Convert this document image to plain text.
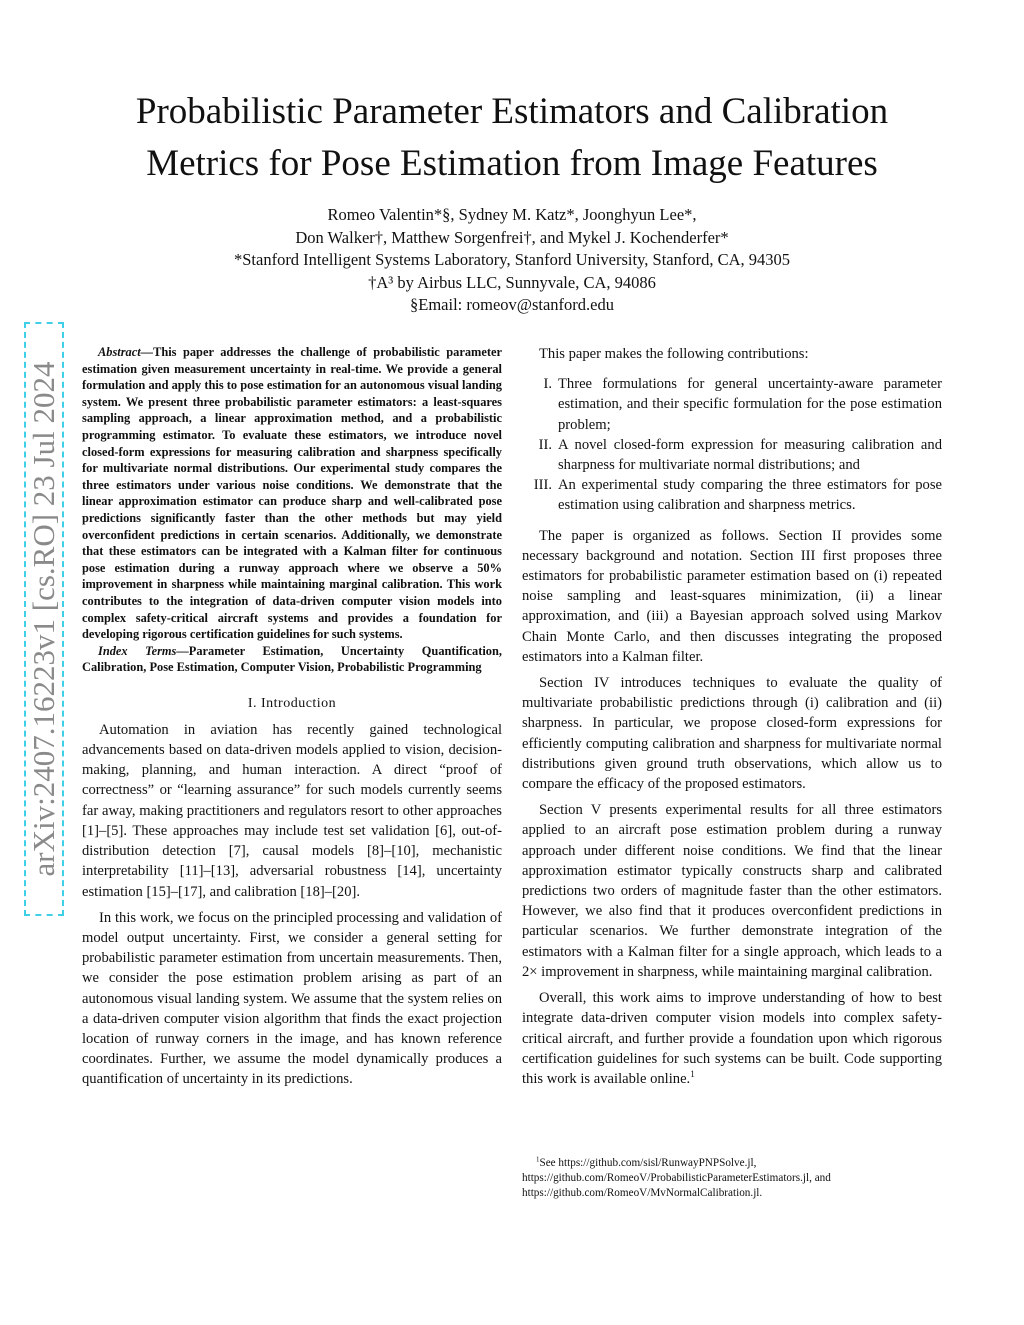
Probabilistic Parameter Estimators and Calibration
Metrics for Pose Estimation from Image Features
Romeo Valentin*§, Sydney M. Katz*, Joonghyun Lee*,
Don Walker†, Matthew Sorgenfrei†, and Mykel J. Kochenderfer*
*Stanford Intelligent Systems Laboratory, Stanford University, Stanford, CA, 94305
†A³ by Airbus LLC, Sunnyvale, CA, 94086
§Email: romeov@stanford.edu
arXiv:2407.16223v1 [cs.RO] 23 Jul 2024

Abstract—This paper addresses the challenge of probabilistic parameter estimation given measurement uncertainty in real-time. We provide a general formulation and apply this to pose estimation for an autonomous visual landing system. We present three probabilistic parameter estimators: a least-squares sampling approach, a linear approximation method, and a probabilistic programming estimator. To evaluate these estimators, we introduce novel closed-form expressions for measuring calibration and sharpness specifically for multivariate normal distributions. Our experimental study compares the three estimators under various noise conditions. We demonstrate that the linear approximation estimator can produce sharp and well-calibrated pose predictions significantly faster than the other methods but may yield overconfident predictions in certain scenarios. Additionally, we demonstrate that these estimators can be integrated with a Kalman filter for continuous pose estimation during a runway approach where we observe a 50% improvement in sharpness while maintaining marginal calibration. This work contributes to the integration of data-driven computer vision models into complex safety-critical aircraft systems and provides a foundation for developing rigorous certification guidelines for such systems.

Index Terms—Parameter Estimation, Uncertainty Quantification, Calibration, Pose Estimation, Computer Vision, Probabilistic Programming

I. Introduction

Automation in aviation has recently gained technological advancements based on data-driven models applied to vision, decision-making, planning, and human interaction. A direct “proof of correctness” or “learning assurance” for such models currently seems far away, making practitioners and regulators resort to other approaches [1]–[5]. These approaches may include test set validation [6], out-of-distribution detection [7], causal models [8]–[10], mechanistic interpretability [11]–[13], adversarial robustness [14], uncertainty estimation [15]–[17], and calibration [18]–[20].

In this work, we focus on the principled processing and validation of model output uncertainty. First, we consider a general setting for probabilistic parameter estimation from uncertain measurements. Then, we consider the pose estimation problem arising as part of an autonomous visual landing system. We assume that the system relies on a data-driven computer vision algorithm that finds the exact projection location of runway corners in the image, and has known reference coordinates. Further, we assume the model dynamically produces a quantification of uncertainty in its predictions.

This paper makes the following contributions:

I. Three formulations for general uncertainty-aware parameter estimation, and their specific formulation for the pose estimation problem;
II. A novel closed-form expression for measuring calibration and sharpness for multivariate normal distributions; and
III. An experimental study comparing the three estimators for pose estimation using calibration and sharpness metrics.

The paper is organized as follows. Section II provides some necessary background and notation. Section III first proposes three estimators for probabilistic parameter estimation based on (i) repeated noise sampling and least-squares minimization, (ii) a linear approximation, and (iii) a Bayesian approach solved using Markov Chain Monte Carlo, and then discusses integrating the proposed estimators into a Kalman filter.

Section IV introduces techniques to evaluate the quality of multivariate probabilistic predictions through (i) calibration and (ii) sharpness. In particular, we propose closed-form expressions for efficiently computing calibration and sharpness for multivariate normal distributions given ground truth observations, which allow us to compare the efficacy of the proposed estimators.

Section V presents experimental results for all three estimators applied to an aircraft pose estimation problem during a runway approach under different noise conditions. We find that the linear approximation estimator typically constructs sharp and calibrated predictions two orders of magnitude faster than the other estimators. However, we also find that it produces overconfident predictions in particular scenarios. We further demonstrate integration of the estimators with a Kalman filter for a single approach, which leads to a 2× improvement in sharpness, while maintaining marginal calibration.

Overall, this work aims to improve understanding of how to best integrate data-driven computer vision models into complex safety-critical aircraft, and further provide a foundation upon which rigorous certification guidelines for such systems can be built. Code supporting this work is available online.$^1$

$^1$See https://github.com/sisl/RunwayPNPSolve.jl,
https://github.com/RomeoV/ProbabilisticParameterEstimators.jl, and
https://github.com/RomeoV/MvNormalCalibration.jl.
